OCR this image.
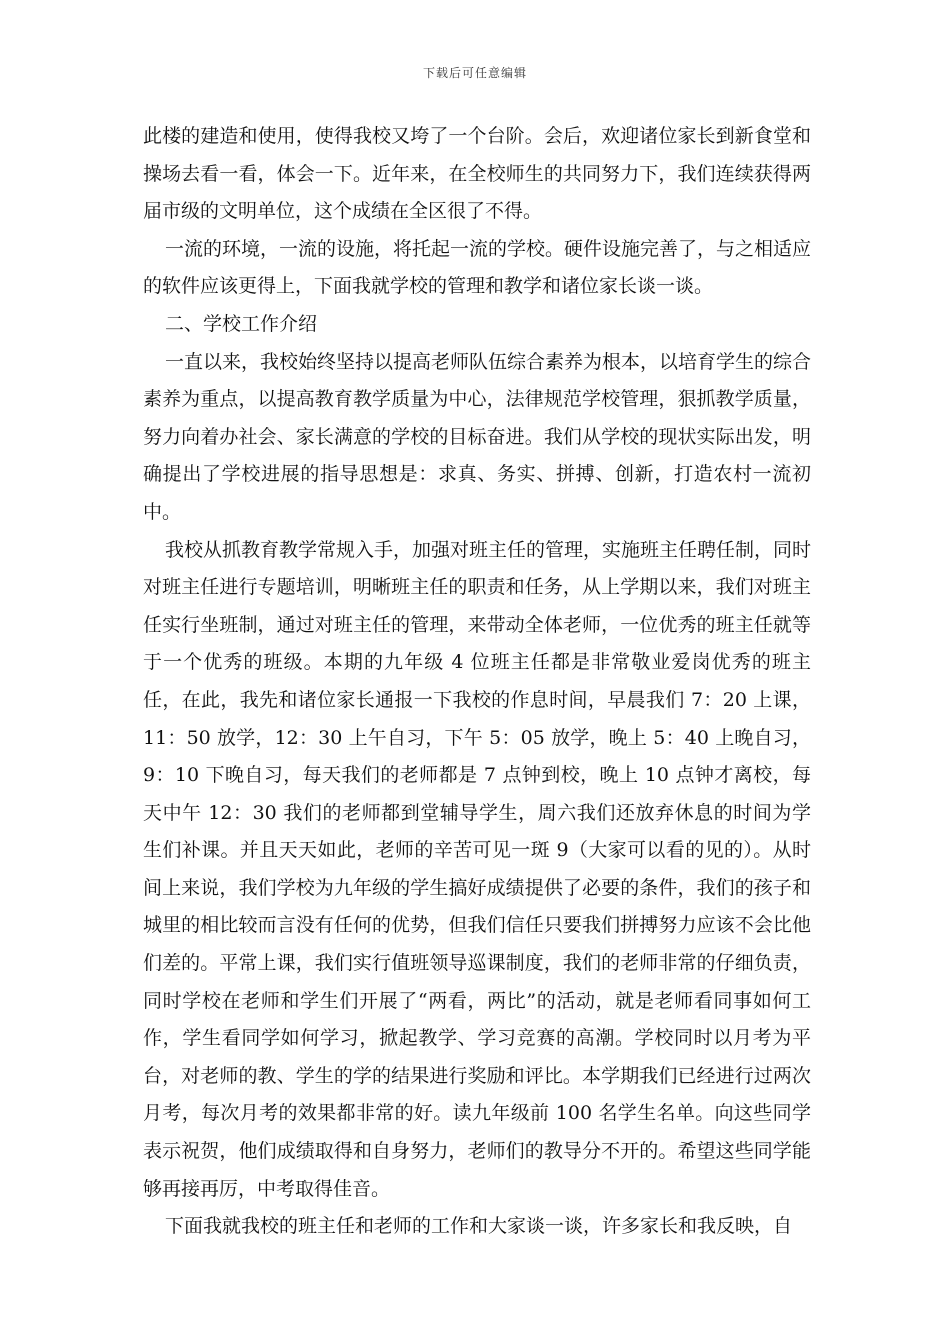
下载后可任意编辑

此楼的建造和使用，使得我校又垮了一个台阶。会后，欢迎诸位家长到新食堂和操场去看一看，体会一下。近年来，在全校师生的共同努力下，我们连续获得两届市级的文明单位，这个成绩在全区很了不得。

一流的环境，一流的设施，将托起一流的学校。硬件设施完善了，与之相适应的软件应该更得上，下面我就学校的管理和教学和诸位家长谈一谈。

二、学校工作介绍

一直以来，我校始终坚持以提高老师队伍综合素养为根本，以培育学生的综合素养为重点，以提高教育教学质量为中心，法律规范学校管理，狠抓教学质量，努力向着办社会、家长满意的学校的目标奋进。我们从学校的现状实际出发，明确提出了学校进展的指导思想是：求真、务实、拼搏、创新，打造农村一流初中。

我校从抓教育教学常规入手，加强对班主任的管理，实施班主任聘任制，同时对班主任进行专题培训，明晰班主任的职责和任务，从上学期以来，我们对班主任实行坐班制，通过对班主任的管理，来带动全体老师，一位优秀的班主任就等于一个优秀的班级。本期的九年级 4 位班主任都是非常敬业爱岗优秀的班主任，在此，我先和诸位家长通报一下我校的作息时间，早晨我们 7：20 上课，11：50 放学，12：30 上午自习，下午 5：05 放学，晚上 5：40 上晚自习，9：10 下晚自习，每天我们的老师都是 7 点钟到校，晚上 10 点钟才离校，每天中午 12：30 我们的老师都到堂辅导学生，周六我们还放弃休息的时间为学生们补课。并且天天如此，老师的辛苦可见一斑 9（大家可以看的见的）。从时间上来说，我们学校为九年级的学生搞好成绩提供了必要的条件，我们的孩子和城里的相比较而言没有任何的优势，但我们信任只要我们拼搏努力应该不会比他们差的。平常上课，我们实行值班领导巡课制度，我们的老师非常的仔细负责，同时学校在老师和学生们开展了“两看，两比”的活动，就是老师看同事如何工作，学生看同学如何学习，掀起教学、学习竞赛的高潮。学校同时以月考为平台，对老师的教、学生的学的结果进行奖励和评比。本学期我们已经进行过两次月考，每次月考的效果都非常的好。读九年级前 100 名学生名单。向这些同学表示祝贺，他们成绩取得和自身努力，老师们的教导分不开的。希望这些同学能够再接再厉，中考取得佳音。

下面我就我校的班主任和老师的工作和大家谈一谈，许多家长和我反映，自
